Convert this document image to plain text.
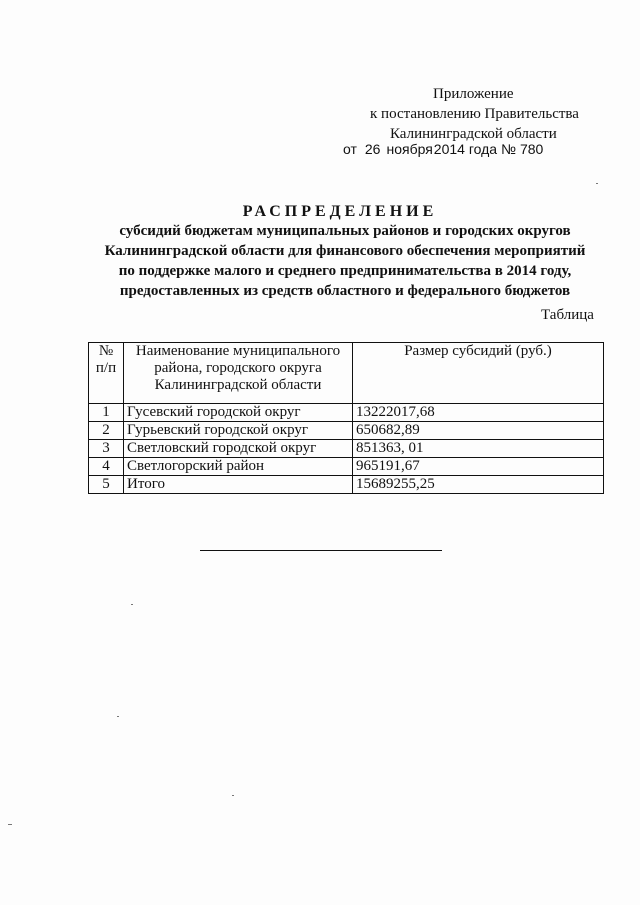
Приложение
к постановлению Правительства
Калининградской области
от 26 ноября2014 года № 780
РАСПРЕДЕЛЕНИЕ
субсидий бюджетам муниципальных районов и городских округов
Калининградской области для финансового обеспечения мероприятий
по поддержке малого и среднего предпринимательства в 2014 году,
предоставленных из средств областного и федерального бюджетов
Таблица
№ п/п	Наименование муниципального района, городского округа Калининградской области	Размер субсидий (руб.)
1	Гусевский городской округ	13222017,68
2	Гурьевский городской округ	650682,89
3	Светловский городской округ	851363, 01
4	Светлогорский район	965191,67
5	Итого	15689255,25
